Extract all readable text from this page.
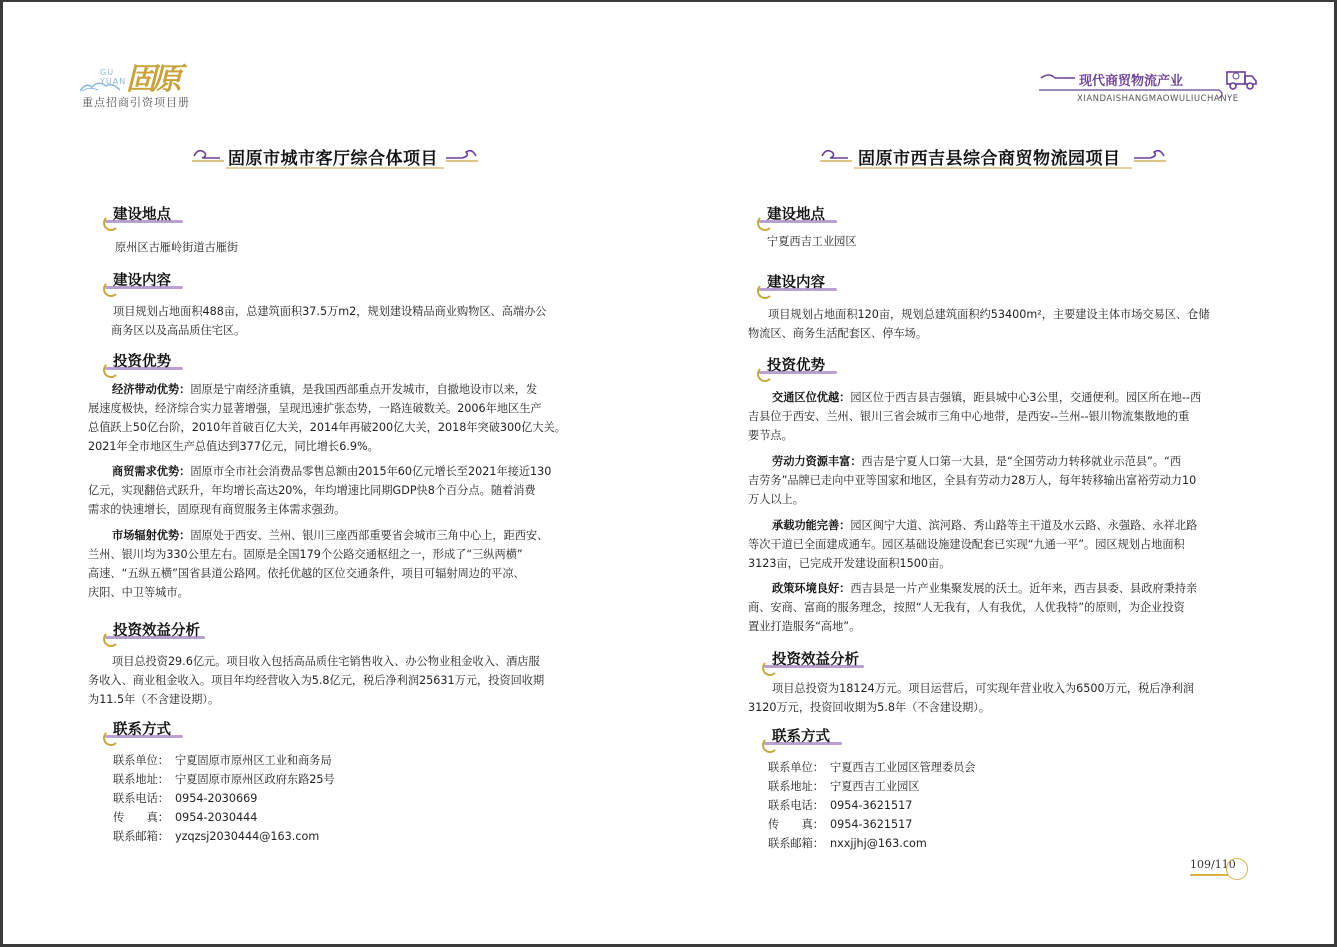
GU
YUAN 固原
重点招商引资项目册
固原市城市客厅综合体项目
建设地点
原州区古雁岭街道古雁街
建设内容
项目规划占地面积488亩，总建筑面积37.5万m2，规划建设精品商业购物区、高端办公
商务区以及高品质住宅区。
投资优势
经济带动优势：固原是宁南经济重镇，是我国西部重点开发城市，自撤地设市以来，发
展速度极快，经济综合实力显著增强，呈现迅速扩张态势，一路连破数关。2006年地区生产
总值跃上50亿台阶，2010年首破百亿大关，2014年再破200亿大关，2018年突破300亿大关。
2021年全市地区生产总值达到377亿元，同比增长6.9%。
商贸需求优势：固原市全市社会消费品零售总额由2015年60亿元增长至2021年接近130
亿元，实现翻倍式跃升，年均增长高达20%，年均增速比同期GDP快8个百分点。随着消费
需求的快速增长，固原现有商贸服务主体需求强劲。
市场辐射优势：固原处于西安、兰州、银川三座西部重要省会城市三角中心上，距西安、
兰州、银川均为330公里左右。固原是全国179个公路交通枢纽之一，形成了“三纵两横”
高速、“五纵五横”国省县道公路网。依托优越的区位交通条件，项目可辐射周边的平凉、
庆阳、中卫等城市。
投资效益分析
项目总投资29.6亿元。项目收入包括高品质住宅销售收入、办公物业租金收入、酒店服
务收入、商业租金收入。项目年均经营收入为5.8亿元，税后净利润25631万元，投资回收期
为11.5年（不含建设期）。
联系方式
联系单位： 宁夏固原市原州区工业和商务局
联系地址： 宁夏固原市原州区政府东路25号
联系电话： 0954-2030669
传　　真： 0954-2030444
联系邮箱： yzqzsj2030444@163.com
现代商贸物流产业
XIANDAISHANGMAOWULIUCHANYE
固原市西吉县综合商贸物流园项目
建设地点
宁夏西吉工业园区
建设内容
项目规划占地面积120亩，规划总建筑面积约53400m²，主要建设主体市场交易区、仓储
物流区、商务生活配套区、停车场。
投资优势
交通区位优越：园区位于西吉县吉强镇，距县城中心3公里，交通便利。园区所在地--西
吉县位于西安、兰州、银川三省会城市三角中心地带，是西安--兰州--银川物流集散地的重
要节点。
劳动力资源丰富：西吉是宁夏人口第一大县，是“全国劳动力转移就业示范县”。“西
吉劳务”品牌已走向中亚等国家和地区，全县有劳动力28万人，每年转移输出富裕劳动力10
万人以上。
承载功能完善：园区闽宁大道、滨河路、秀山路等主干道及水云路、永强路、永祥北路
等次干道已全面建成通车。园区基础设施建设配套已实现“九通一平”。园区规划占地面积
3123亩，已完成开发建设面积1500亩。
政策环境良好：西吉县是一片产业集聚发展的沃土。近年来，西吉县委、县政府秉持亲
商、安商、富商的服务理念，按照“人无我有，人有我优，人优我特”的原则，为企业投资
置业打造服务“高地”。
投资效益分析
项目总投资为18124万元。项目运营后，可实现年营业收入为6500万元，税后净利润
3120万元，投资回收期为5.8年（不含建设期）。
联系方式
联系单位： 宁夏西吉工业园区管理委员会
联系地址： 宁夏西吉工业园区
联系电话： 0954-3621517
传　　真： 0954-3621517
联系邮箱： nxxjjhj@163.com
109/110
